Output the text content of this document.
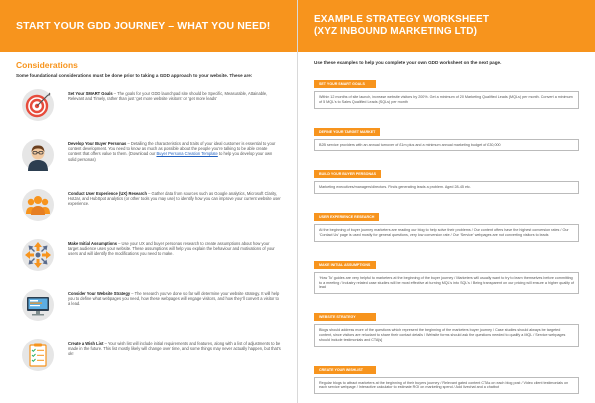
START YOUR GDD JOURNEY – WHAT YOU NEED!
Considerations
Some foundational considerations must be done prior to taking a GDD approach to your website. These are:
Set Your SMART Goals – The goals for your GDD launchpad site should be Specific, Measurable, Attainable, Relevant and Timely, rather than just ‘get more website visitors’ or ‘get more leads’
Develop Your Buyer Personas – Detailing the characteristics and traits of your ideal customer is essential to your content development. You need to know as much as possible about the people you’re talking to be able create content that offers value to them. (Download our Buyer Persona Creation Template to help you develop your own solid personas)
Conduct User Experience (UX) Research – Gather data from sources such as Google analytics, Microsoft Clarity, HotJar, and HubSpot analytics (or other tools you may use) to identify how you can improve your current website user experience.
Make Initial Assumptions – Use your UX and buyer personas research to create assumptions about how your target audience uses your website. These assumptions will help you explain the behaviour and motivations of your users and will identify the modifications you need to make.
Consider Your Website Strategy – The research you’ve done so far will determine your website strategy. It will help you to define what webpages you need, how these webpages will engage visitors, and how they’ll convert a visitor to a lead.
Create a Wish List – Your wish list will include initial requirements and features, along with a list of adjustments to be made in the future. This list mostly likely will change over time, and some things may never actually happen, but that’s ok!
EXAMPLE STRATEGY WORKSHEET
(XYZ INBOUND MARKETING LTD)
Use these examples to help you complete your own GDD worksheet on the next page.
SET YOUR SMART GOALS
Within 12 months of site launch, increase website visitors by 200%. Get a minimum of 20 Marketing Qualified Leads (MQLs) per month. Convert a minimum of 5 MQL’s to Sales Qualified Leads (SQLs) per month
DEFINE YOUR TARGET MARKET
B2B service providers with an annual turnover of £1m plus and a minimum annual marketing budget of £30,000
BUILD YOUR BUYER PERSONAS
Marketing executives/managers/directors. Finds generating leads a problem. Aged 28-45 etc.
USER EXPERIENCE RESEARCH
At the beginning of buyer journey marketers are reading our blog to help solve their problems / Our content offers have the highest conversion rates / Our ‘Contact Us’ page is used mostly for general questions, very low conversion rate / Our ‘Service’ webpages are not converting visitors to leads
MAKE INITIAL ASSUMPTIONS
‘How To’ guides are very helpful to marketers at the beginning of the buyer journey / Marketers will usually want to try to learn themselves before committing to a meeting / Industry related case studies will be most effective at turning MQL’s into SQL’s / Being transparent on our pricing will ensure a higher quality of lead
WEBSITE STRATEGY
Blogs should address more of the questions which represent the beginning of the marketers buyer journey / Case studies should always be targeted content, since visitors are reluctant to share their contact details / Website forms should ask the questions needed to qualify a MQL / Service webpages should include testimonials and CTA[s]
CREATE YOUR WISHLIST
Regular blogs to attract marketers at the beginning of their buyers journey / Relevant gated content CTAs on each blog post / Video client testimonials on each service webpage / Interactive calculator to estimate ROI on marketing spend / Add livechat and a chatbot
